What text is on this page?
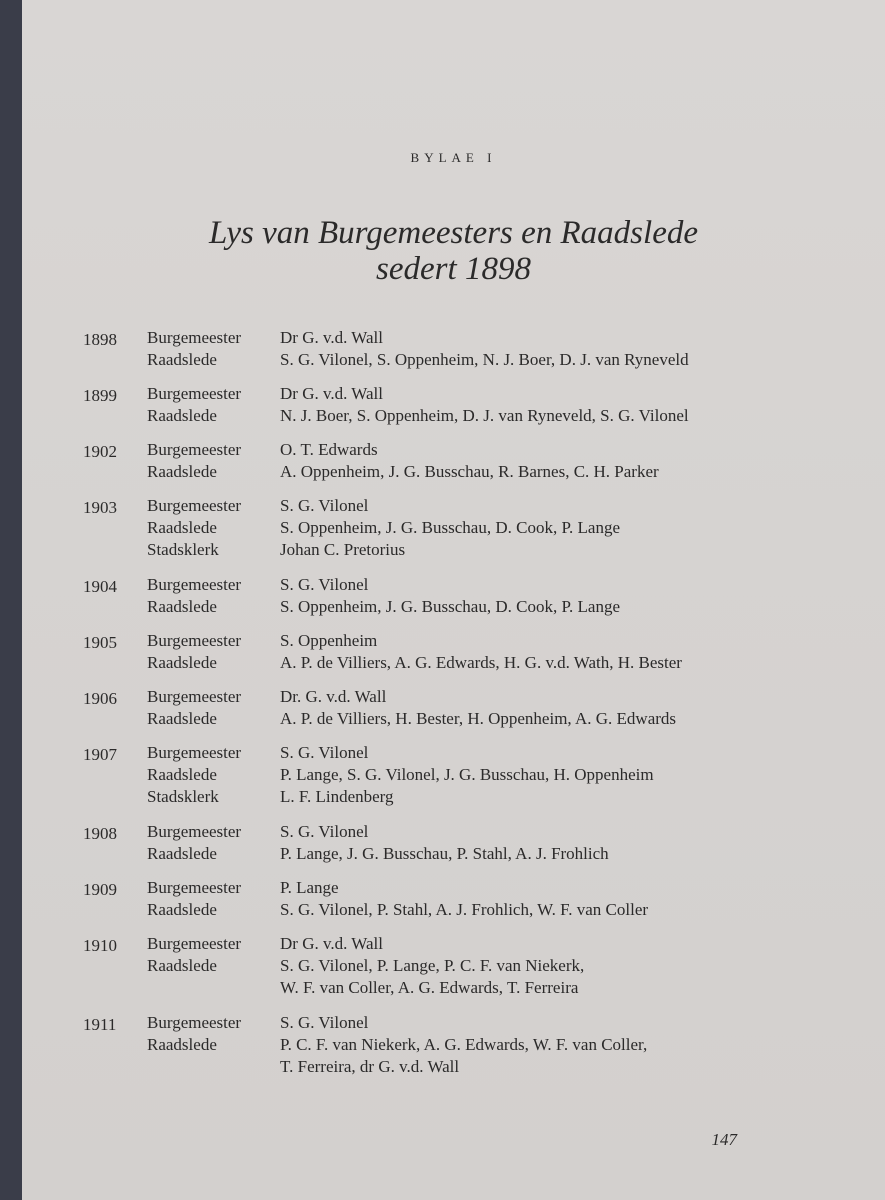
BYLAE I
Lys van Burgemeesters en Raadslede
sedert 1898
1898 Burgemeester Dr G. v.d. Wall
Raadslede	S. G. Vilonel, S. Oppenheim, N. J. Boer, D. J. van Ryneveld
1899 Burgemeester Dr G. v.d. Wall
Raadslede	N. J. Boer, S. Oppenheim, D. J. van Ryneveld, S. G. Vilonel
1902 Burgemeester O. T. Edwards
Raadslede	A. Oppenheim, J. G. Busschau, R. Barnes, C. H. Parker
1903 Burgemeester S. G. Vilonel
Raadslede	S. Oppenheim, J. G. Busschau, D. Cook, P. Lange
Stadsklerk	Johan C. Pretorius
1904 Burgemeester S. G. Vilonel
Raadslede	S. Oppenheim, J. G. Busschau, D. Cook, P. Lange
1905 Burgemeester S. Oppenheim
Raadslede	A. P. de Villiers, A. G. Edwards, H. G. v.d. Wath, H. Bester
1906 Burgemeester Dr. G. v.d. Wall
Raadslede	A. P. de Villiers, H. Bester, H. Oppenheim, A. G. Edwards
1907 Burgemeester S. G. Vilonel
Raadslede	P. Lange, S. G. Vilonel, J. G. Busschau, H. Oppenheim
Stadsklerk	L. F. Lindenberg
1908 Burgemeester S. G. Vilonel
Raadslede	P. Lange, J. G. Busschau, P. Stahl, A. J. Frohlich
1909 Burgemeester P. Lange
Raadslede	S. G. Vilonel, P. Stahl, A. J. Frohlich, W. F. van Coller
1910 Burgemeester Dr G. v.d. Wall
Raadslede	S. G. Vilonel, P. Lange, P. C. F. van Niekerk,
W. F. van Coller, A. G. Edwards, T. Ferreira
1911 Burgemeester S. G. Vilonel
Raadslede	P. C. F. van Niekerk, A. G. Edwards, W. F. van Coller,
T. Ferreira, dr G. v.d. Wall
147
